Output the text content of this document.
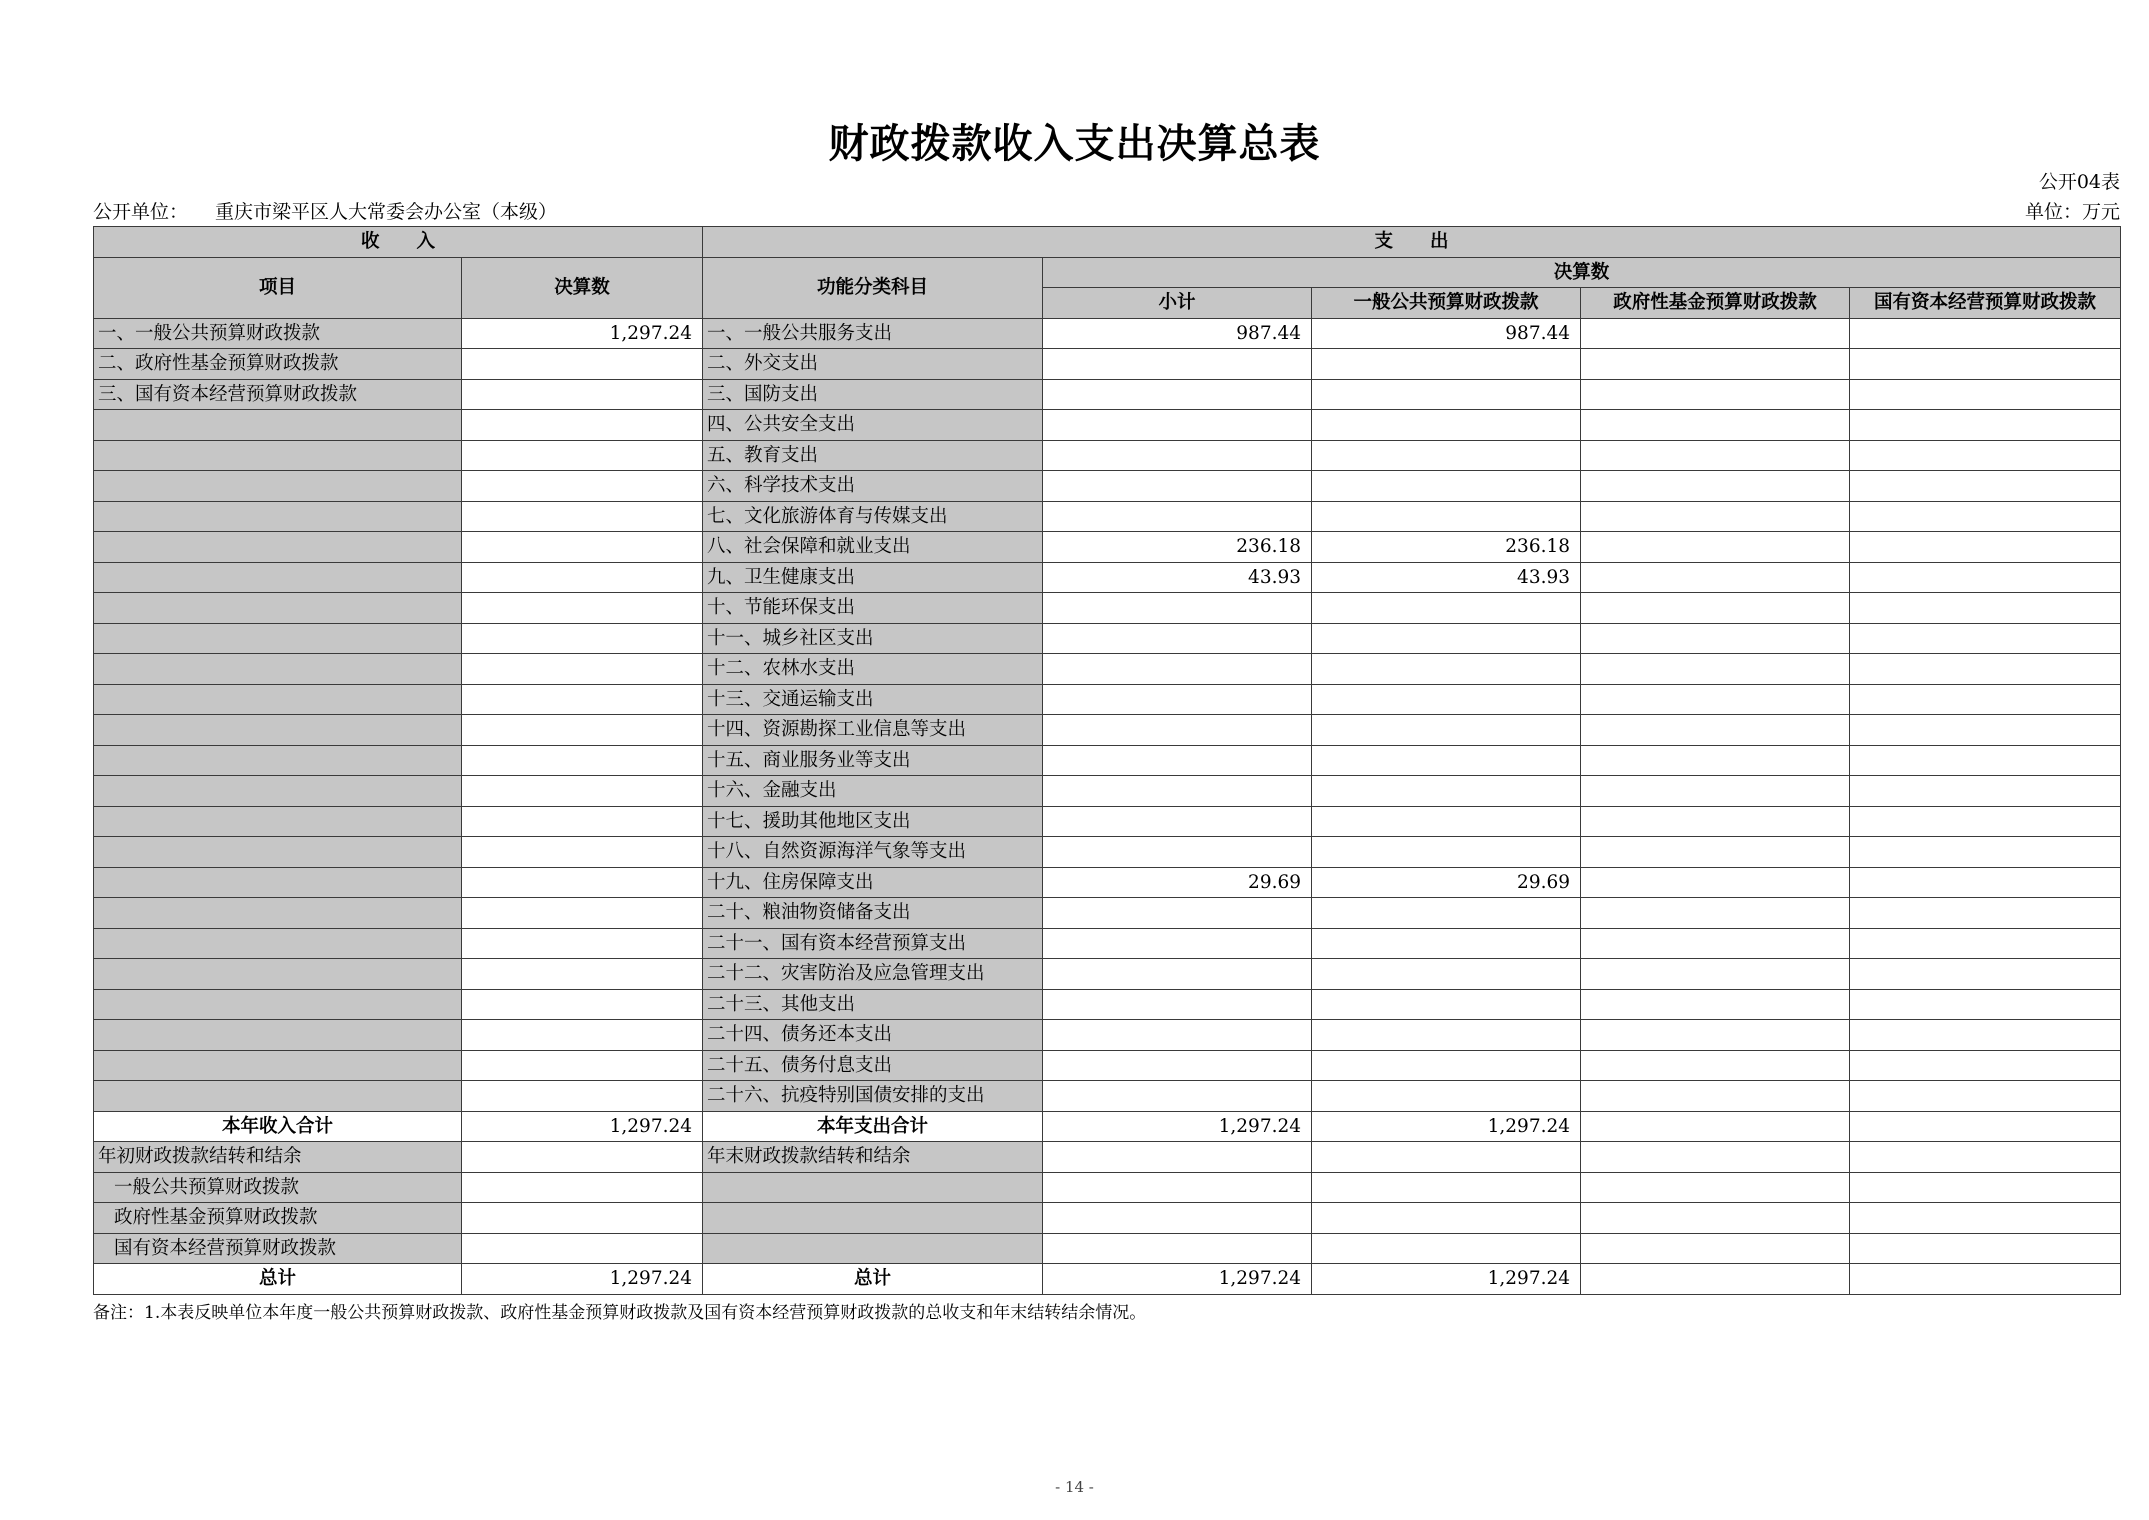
财政拨款收入支出决算总表
公开04表
公开单位： 重庆市梁平区人大常委会办公室（本级）	单位：万元
收　　入		支　　出				
项目	决算数	功能分类科目	决算数			
			小计	一般公共预算财政拨款	政府性基金预算财政拨款	国有资本经营预算财政拨款
一、一般公共预算财政拨款	1,297.24	一、一般公共服务支出	987.44	987.44		
二、政府性基金预算财政拨款		二、外交支出				
三、国有资本经营预算财政拨款		三、国防支出				
		四、公共安全支出				
		五、教育支出				
		六、科学技术支出				
		七、文化旅游体育与传媒支出				
		八、社会保障和就业支出	236.18	236.18		
		九、卫生健康支出	43.93	43.93		
		十、节能环保支出				
		十一、城乡社区支出				
		十二、农林水支出				
		十三、交通运输支出				
		十四、资源勘探工业信息等支出				
		十五、商业服务业等支出				
		十六、金融支出				
		十七、援助其他地区支出				
		十八、自然资源海洋气象等支出				
		十九、住房保障支出	29.69	29.69		
		二十、粮油物资储备支出				
		二十一、国有资本经营预算支出				
		二十二、灾害防治及应急管理支出				
		二十三、其他支出				
		二十四、债务还本支出				
		二十五、债务付息支出				
		二十六、抗疫特别国债安排的支出				
本年收入合计	1,297.24	本年支出合计	1,297.24	1,297.24		
年初财政拨款结转和结余		年末财政拨款结转和结余				
一般公共预算财政拨款						
政府性基金预算财政拨款						
国有资本经营预算财政拨款						
总计	1,297.24	总计	1,297.24	1,297.24		
备注：1.本表反映单位本年度一般公共预算财政拨款、政府性基金预算财政拨款及国有资本经营预算财政拨款的总收支和年末结转结余情况。
- 14 -
